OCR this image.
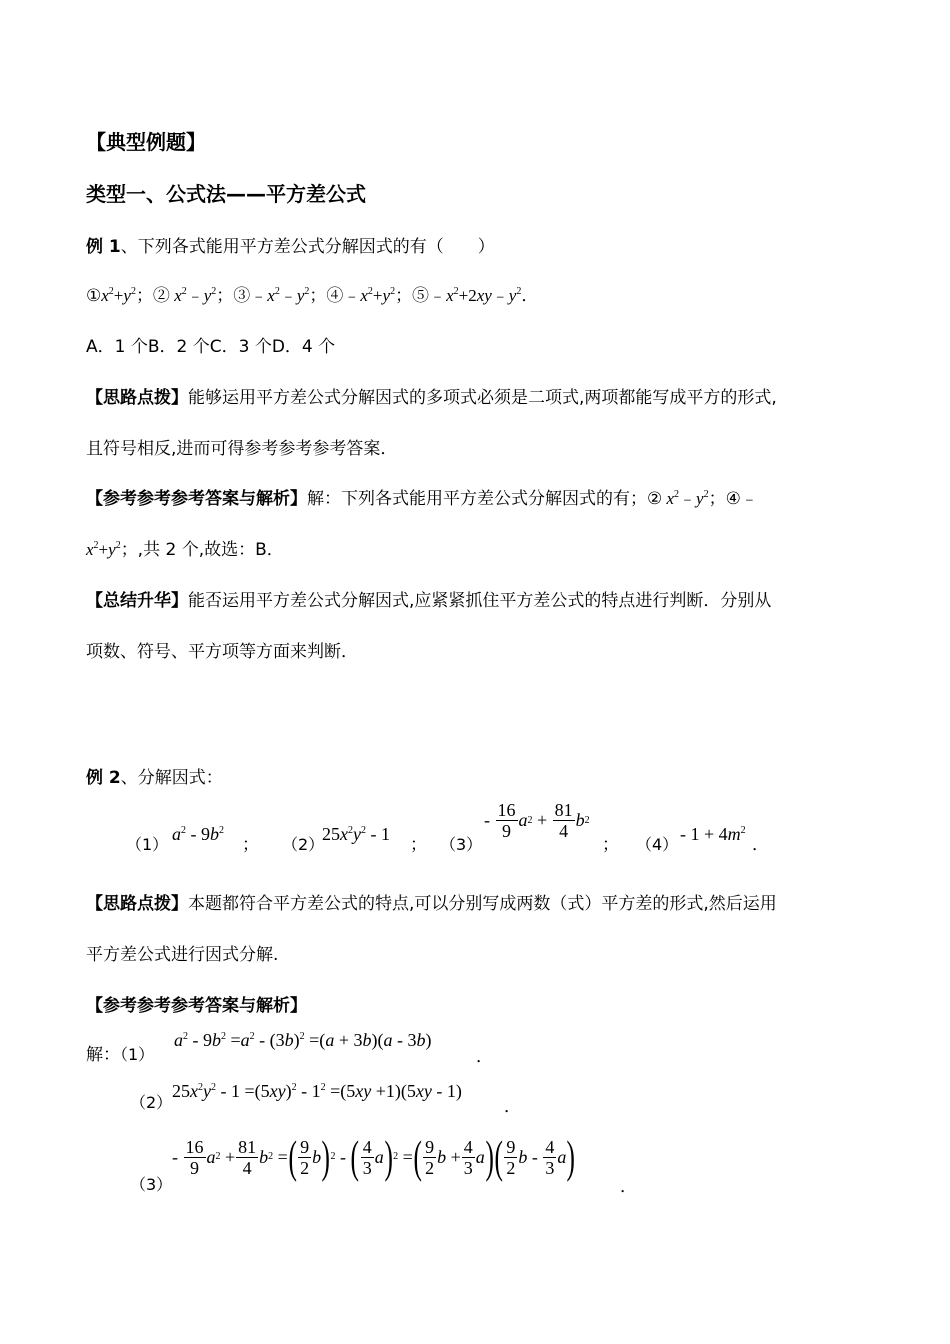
【典型例题】
类型一、公式法——平方差公式
例 1、下列各式能用平方差公式分解因式的有（　　）
$①x^2+y^2$；② $x^2﹣y^2$；$③﹣x^2﹣y^2$；$④﹣x^2+y^2$；$⑤﹣x^2+2xy﹣y^2$．
A．1 个B．2 个C．3 个D．4 个
【思路点拨】能够运用平方差公式分解因式的多项式必须是二项式,两项都能写成平方的形式,
且符号相反,进而可得参考参考参考答案．
【参考参考参考答案与解析】解：下列各式能用平方差公式分解因式的有；② $x^2﹣y^2$；④﹣
$x^2+y^2$；,共 2 个,故选：B．
【总结升华】能否运用平方差公式分解因式,应紧紧抓住平方差公式的特点进行判断．分别从
项数、符号、平方项等方面来判断．
例 2、分解因式：
（1）
$a^2 - 9b^2$
； （2）
$25x^2y^2 - 1$
； （3）
- $\frac{16}{9}$ a $2 + \frac{81}{4}$ b 2
； （4）
- $1 + 4m^2$
．
【思路点拨】本题都符合平方差公式的特点,可以分别写成两数（式）平方差的形式,然后运用
平方差公式进行因式分解.
【参考参考参考答案与解析】
解：（1）
$a^2 - 9b^2 =a^2 - (3b)^2 =(a + 3b)(a - 3b)$
．
（2）
$25x^2y^2 - 1 =(5xy)^2 - 1^2 =(5xy +1)(5xy - 1)$
．
（3）
- $\frac{16}{9}$ a $2 + \frac{81}{4}$ b 2 = ( $\frac{9}{2}$ b ) 2 - ( $\frac{4}{3}$ a ) 2 = ( $\frac{9}{2}$ $b + \frac{4}{3}$ a ) ( $\frac{9}{2}$ b - $\frac{4}{3}$ a )
．
